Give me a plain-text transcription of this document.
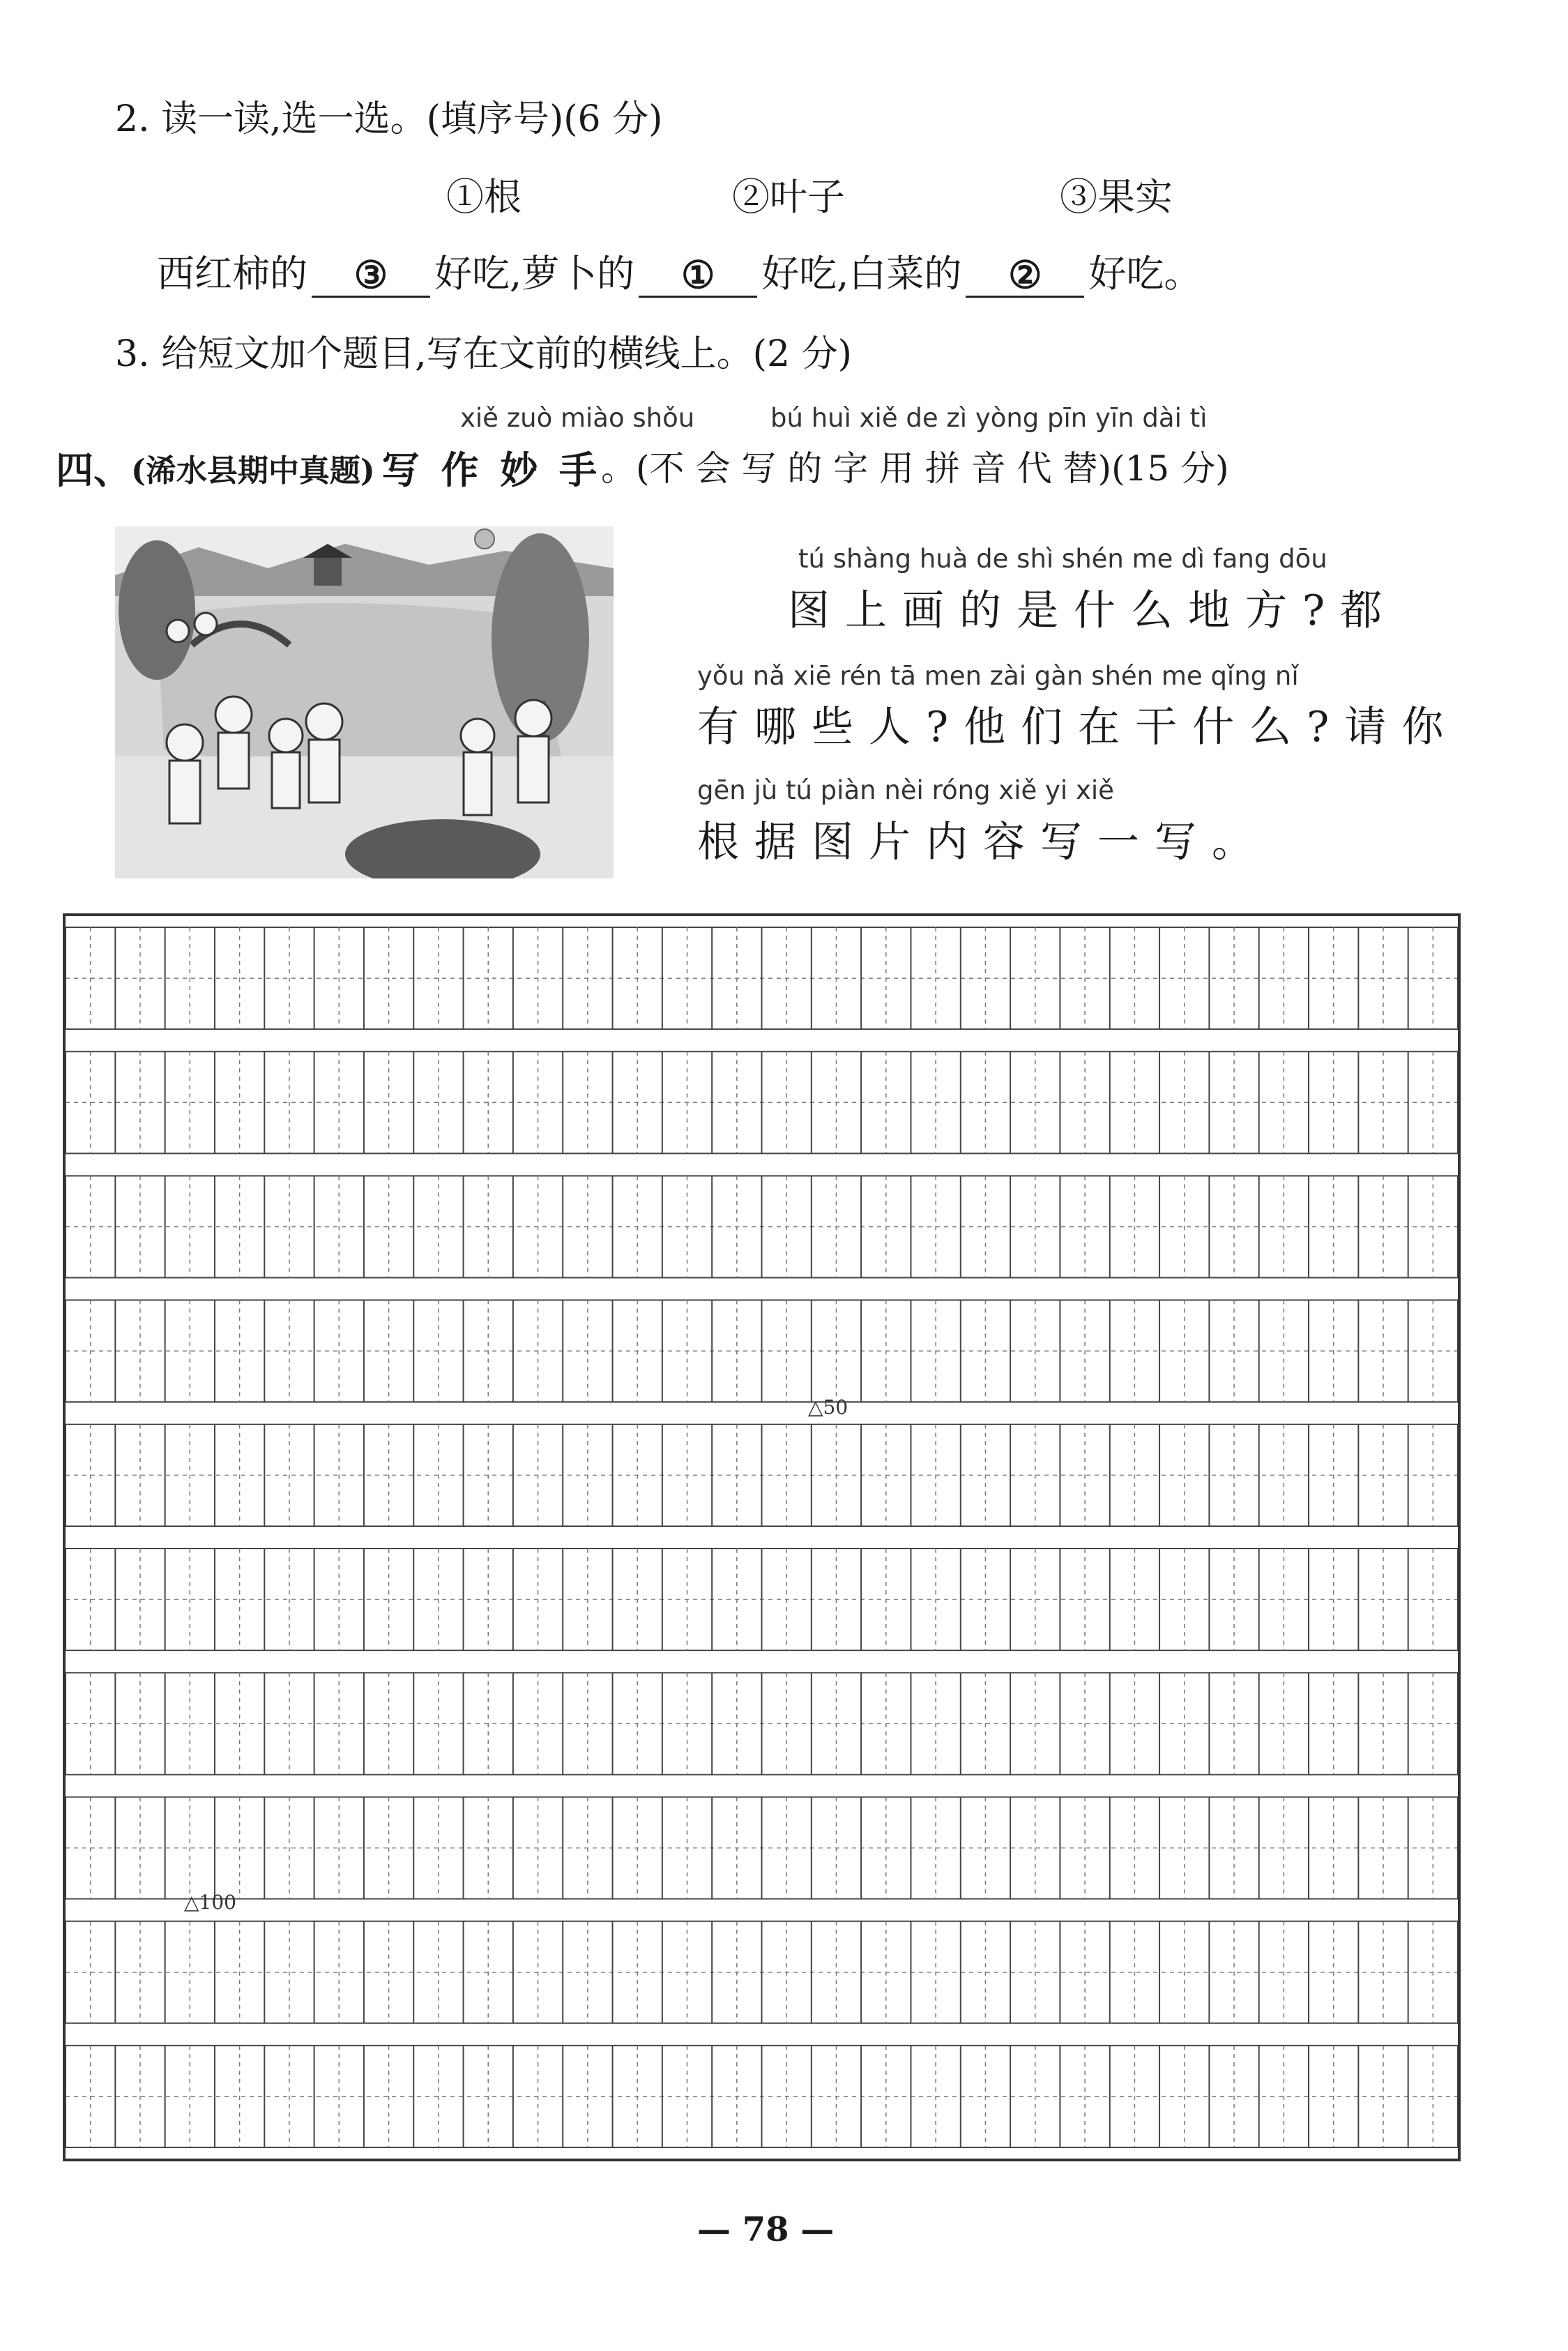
2. 读一读,选一选。(填序号)(6 分)
①根	②叶子	③果实
西红柿的	③	好吃,萝卜的	①	好吃,白菜的	②	好吃。
3. 给短文加个题目,写在文前的横线上。(2 分)
xiě zuò miào shǒu	bú huì xiě de zì yòng pīn yīn dài tì
四、 (浠水县期中真题) 写 作 妙 手 。(不 会 写 的 字 用 拼 音 代 替)(15 分)
tú shàng huà de shì shén me dì fang dōu
图上画的是什么地方?都
yǒu nǎ xiē rén tā men zài gàn shén me qǐng nǐ
有哪些人?他们在干什么?请你
gēn jù tú piàn nèi róng xiě yi xiě
根据图片内容写一写。
△50
△100
— 78 —
